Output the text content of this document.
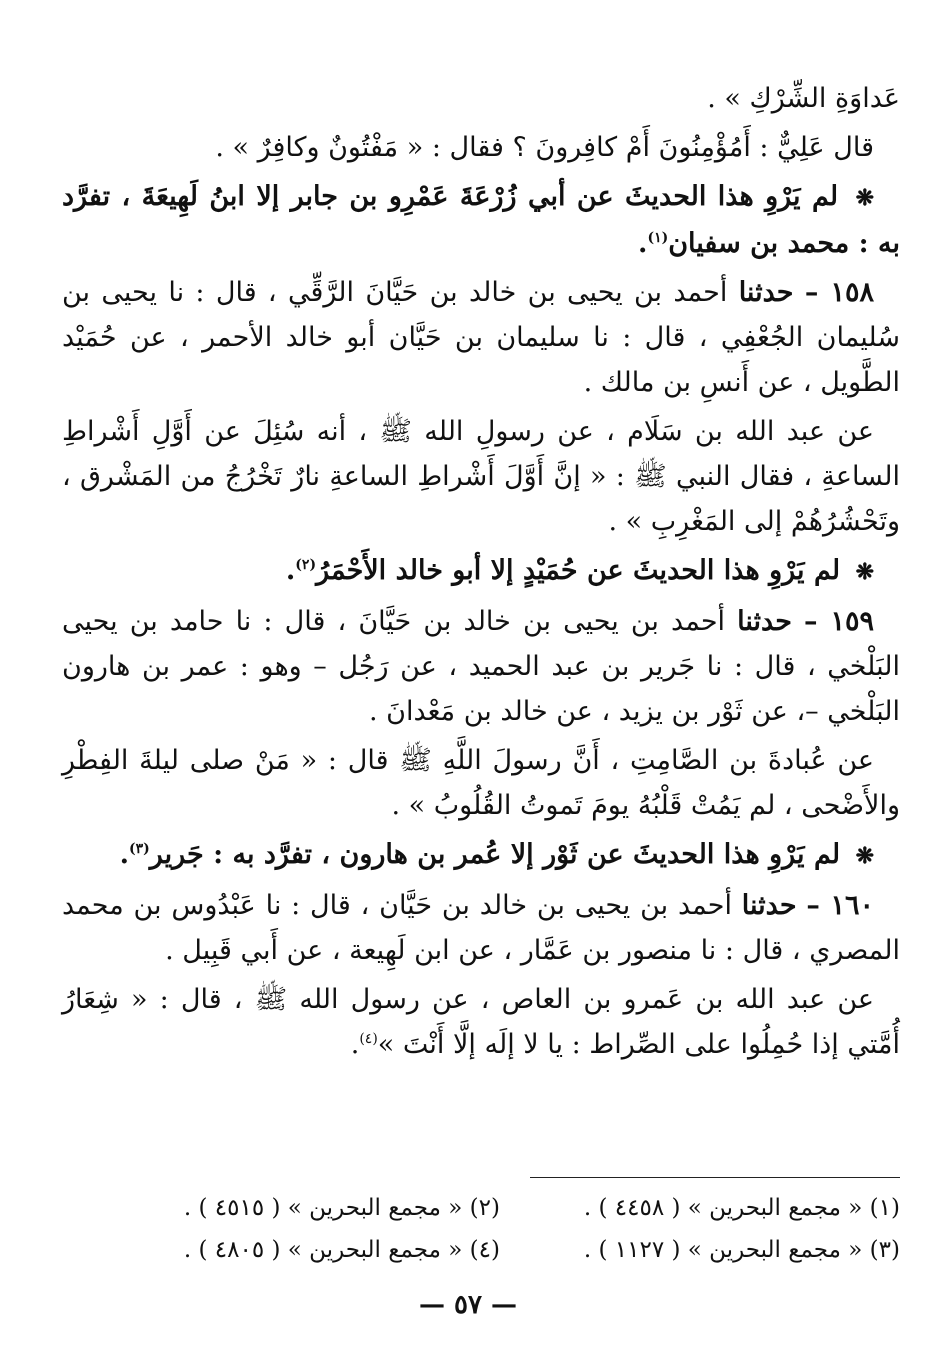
عَداوَةِ الشِّرْكِ » .

قال عَلِيٌّ : أَمُؤْمِنُونَ أَمْ كافِرونَ ؟ فقال : « مَفْتُونٌ وكافِرٌ » .

❋ لم يَرْوِ هذا الحديثَ عن أبي زُرْعَةَ عَمْرِو بن جابر إلا ابنُ لَهِيعَةَ ، تفرَّد به : محمد بن سفيان$^{(١)}$.

١٥٨ – حدثنا أحمد بن يحيى بن خالد بن حَيَّانَ الرَّقِّي ، قال : نا يحيى بن سُليمان الجُعْفِي ، قال : نا سليمان بن حَيَّان أبو خالد الأحمر ، عن حُمَيْد الطَّويل ، عن أَنسِ بن مالك .

عن عبد الله بن سَلَام ، عن رسولِ الله ﷺ ، أنه سُئِلَ عن أَوَّلِ أَشْراطِ الساعةِ ، فقال النبي ﷺ : « إنَّ أَوَّلَ أَشْراطِ الساعةِ نارٌ تَخْرُجُ من المَشْرق ، وتَحْشُرُهُمْ إلى المَغْرِبِ » .

❋ لم يَرْوِ هذا الحديثَ عن حُمَيْدٍ إلا أبو خالد الأَحْمَرُ$^{(٢)}$.

١٥٩ – حدثنا أحمد بن يحيى بن خالد بن حَيَّانَ ، قال : نا حامد بن يحيى البَلْخي ، قال : نا جَرير بن عبد الحميد ، عن رَجُل – وهو : عمر بن هارون البَلْخي –، عن ثَوْر بن يزيد ، عن خالد بن مَعْدانَ .

عن عُبادةَ بن الصَّامِتِ ، أَنَّ رسولَ اللَّهِ ﷺ قال : « مَنْ صلى ليلةَ الفِطْرِ والأَضْحى ، لم يَمُتْ قَلْبُهُ يومَ تَموتُ القُلُوبُ » .

❋ لم يَرْوِ هذا الحديثَ عن ثَوْر إلا عُمر بن هارون ، تفرَّد به : جَرير$^{(٣)}$.

١٦٠ – حدثنا أحمد بن يحيى بن خالد بن حَيَّان ، قال : نا عَبْدُوس بن محمد المصري ، قال : نا منصور بن عَمَّار ، عن ابن لَهِيعة ، عن أَبي قَبِيل .

عن عبد الله بن عَمرو بن العاص ، عن رسول الله ﷺ ، قال : « شِعَارُ أُمَّتي إذا حُمِلُوا على الصِّراط : يا لا إلَه إلَّا أَنْتَ »$^{(٤)}$.

(١) « مجمع البحرين » ( ٤٤٥٨ ) .
(٢) « مجمع البحرين » ( ٤٥١٥ ) .
(٣) « مجمع البحرين » ( ١١٢٧ ) .
(٤) « مجمع البحرين » ( ٤٨٠٥ ) .
— ٥٧ —
